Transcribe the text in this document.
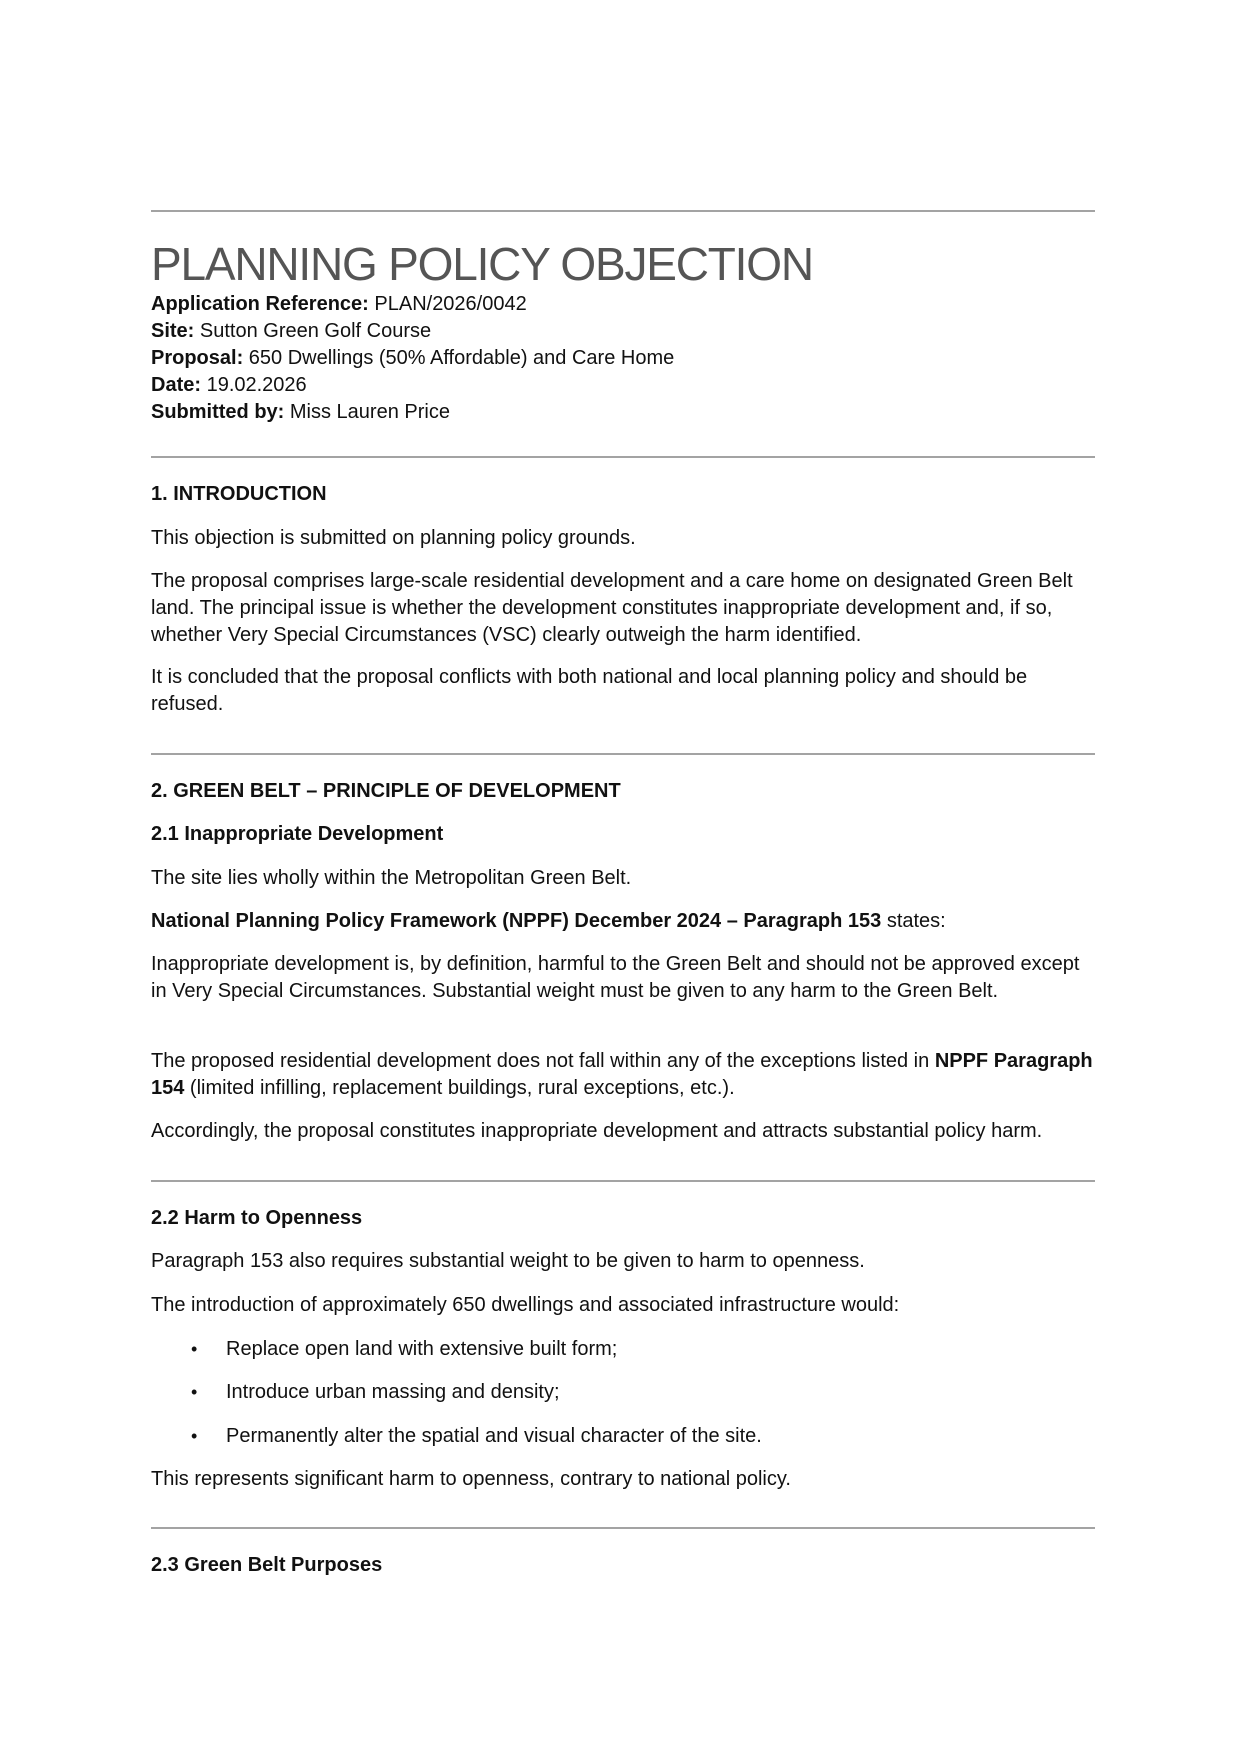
PLANNING POLICY OBJECTION
Application Reference: PLAN/2026/0042
Site: Sutton Green Golf Course
Proposal: 650 Dwellings (50% Affordable) and Care Home
Date: 19.02.2026
Submitted by: Miss Lauren Price

1. INTRODUCTION

This objection is submitted on planning policy grounds.

The proposal comprises large-scale residential development and a care home on designated Green Belt land. The principal issue is whether the development constitutes inappropriate development and, if so, whether Very Special Circumstances (VSC) clearly outweigh the harm identified.

It is concluded that the proposal conflicts with both national and local planning policy and should be refused.

2. GREEN BELT – PRINCIPLE OF DEVELOPMENT

2.1 Inappropriate Development

The site lies wholly within the Metropolitan Green Belt.

National Planning Policy Framework (NPPF) December 2024 – Paragraph 153 states:

Inappropriate development is, by definition, harmful to the Green Belt and should not be approved except in Very Special Circumstances. Substantial weight must be given to any harm to the Green Belt.

The proposed residential development does not fall within any of the exceptions listed in NPPF Paragraph 154 (limited infilling, replacement buildings, rural exceptions, etc.).

Accordingly, the proposal constitutes inappropriate development and attracts substantial policy harm.

2.2 Harm to Openness

Paragraph 153 also requires substantial weight to be given to harm to openness.

The introduction of approximately 650 dwellings and associated infrastructure would:

• Replace open land with extensive built form;
• Introduce urban massing and density;
• Permanently alter the spatial and visual character of the site.

This represents significant harm to openness, contrary to national policy.

2.3 Green Belt Purposes
